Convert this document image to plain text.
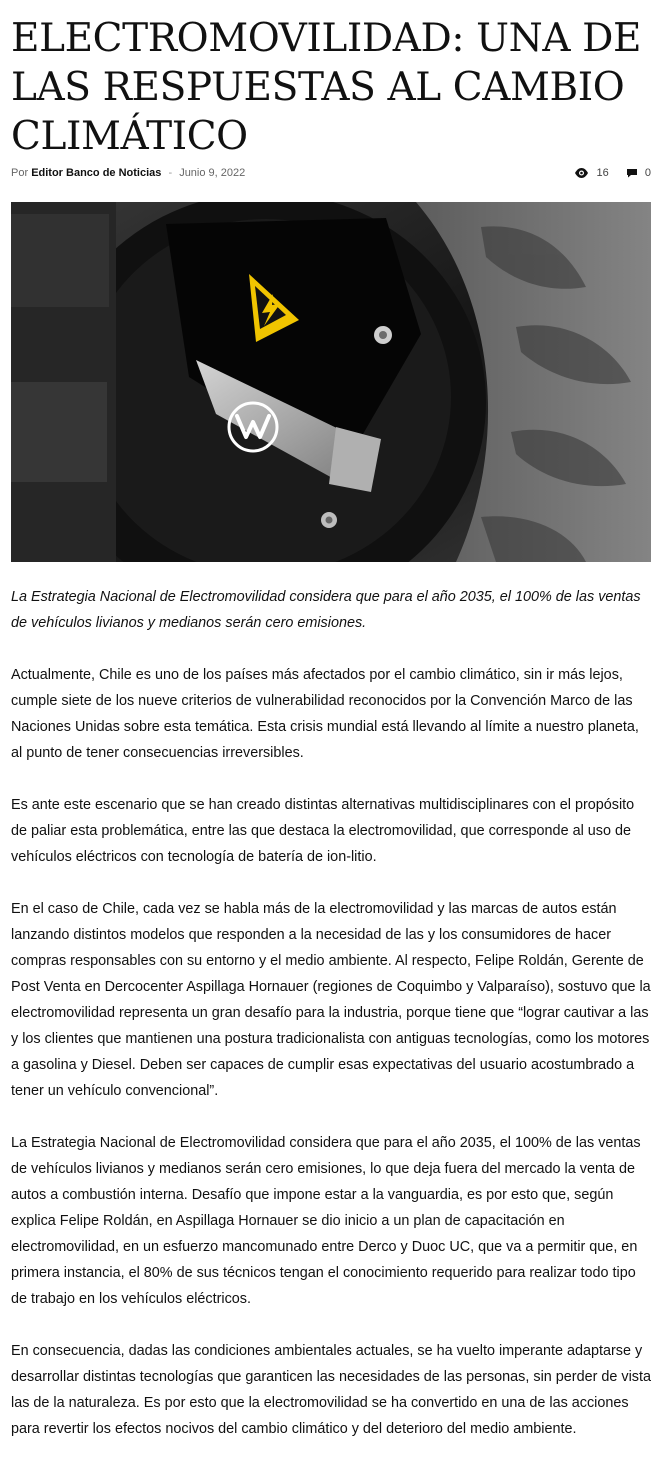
ELECTROMOVILIDAD: UNA DE LAS RESPUESTAS AL CAMBIO CLIMÁTICO
Por Editor Banco de Noticias - Junio 9, 2022	16	0

La Estrategia Nacional de Electromovilidad considera que para el año 2035, el 100% de las ventas de vehículos livianos y medianos serán cero emisiones.

Actualmente, Chile es uno de los países más afectados por el cambio climático, sin ir más lejos, cumple siete de los nueve criterios de vulnerabilidad reconocidos por la Convención Marco de las Naciones Unidas sobre esta temática. Esta crisis mundial está llevando al límite a nuestro planeta, al punto de tener consecuencias irreversibles.

Es ante este escenario que se han creado distintas alternativas multidisciplinares con el propósito de paliar esta problemática, entre las que destaca la electromovilidad, que corresponde al uso de vehículos eléctricos con tecnología de batería de ion-litio.

En el caso de Chile, cada vez se habla más de la electromovilidad y las marcas de autos están lanzando distintos modelos que responden a la necesidad de las y los consumidores de hacer compras responsables con su entorno y el medio ambiente. Al respecto, Felipe Roldán, Gerente de Post Venta en Dercocenter Aspillaga Hornauer (regiones de Coquimbo y Valparaíso), sostuvo que la electromovilidad representa un gran desafío para la industria, porque tiene que “lograr cautivar a las y los clientes que mantienen una postura tradicionalista con antiguas tecnologías, como los motores a gasolina y Diesel. Deben ser capaces de cumplir esas expectativas del usuario acostumbrado a tener un vehículo convencional”.

La Estrategia Nacional de Electromovilidad considera que para el año 2035, el 100% de las ventas de vehículos livianos y medianos serán cero emisiones, lo que deja fuera del mercado la venta de autos a combustión interna. Desafío que impone estar a la vanguardia, es por esto que, según explica Felipe Roldán, en Aspillaga Hornauer se dio inicio a un plan de capacitación en electromovilidad, en un esfuerzo mancomunado entre Derco y Duoc UC, que va a permitir que, en primera instancia, el 80% de sus técnicos tengan el conocimiento requerido para realizar todo tipo de trabajo en los vehículos eléctricos.

En consecuencia, dadas las condiciones ambientales actuales, se ha vuelto imperante adaptarse y desarrollar distintas tecnologías que garanticen las necesidades de las personas, sin perder de vista las de la naturaleza. Es por esto que la electromovilidad se ha convertido en una de las acciones para revertir los efectos nocivos del cambio climático y del deterioro del medio ambiente.
